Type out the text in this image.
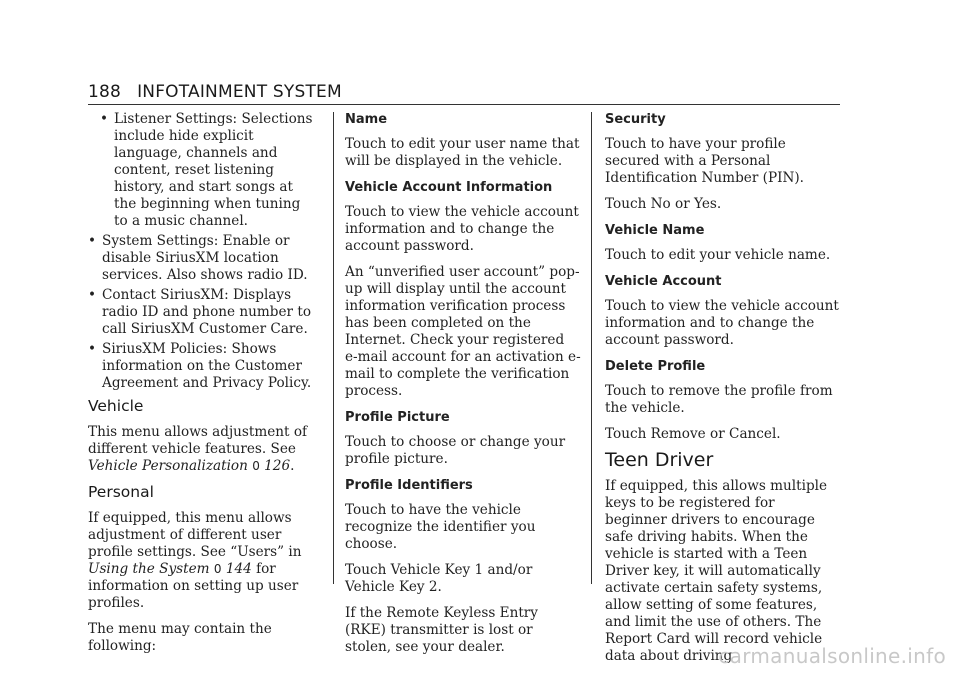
188 INFOTAINMENT SYSTEM
• Listener Settings: Selections include hide explicit language, channels and content, reset listening history, and start songs at the beginning when tuning to a music channel.
• System Settings: Enable or disable SiriusXM location services. Also shows radio ID.
• Contact SiriusXM: Displays radio ID and phone number to call SiriusXM Customer Care.
• SiriusXM Policies: Shows information on the Customer Agreement and Privacy Policy.
Vehicle

This menu allows adjustment of different vehicle features. See Vehicle Personalization 0 126.

Personal

If equipped, this menu allows adjustment of different user profile settings. See “Users” in Using the System 0 144 for information on setting up user profiles.

The menu may contain the following:

Name

Touch to edit your user name that will be displayed in the vehicle.

Vehicle Account Information

Touch to view the vehicle account information and to change the account password.

An “unverified user account” pop-up will display until the account information verification process has been completed on the Internet. Check your registered e-mail account for an activation e-mail to complete the verification process.

Profile Picture

Touch to choose or change your profile picture.

Profile Identifiers

Touch to have the vehicle recognize the identifier you choose.

Touch Vehicle Key 1 and/or
Vehicle Key 2.

If the Remote Keyless Entry (RKE) transmitter is lost or stolen, see your dealer.

Security

Touch to have your profile secured with a Personal Identification Number (PIN).

Touch No or Yes.

Vehicle Name

Touch to edit your vehicle name.

Vehicle Account

Touch to view the vehicle account information and to change the account password.

Delete Profile

Touch to remove the profile from the vehicle.

Touch Remove or Cancel.

Teen Driver

If equipped, this allows multiple keys to be registered for beginner drivers to encourage safe driving habits. When the vehicle is started with a Teen Driver key, it will automatically activate certain safety systems, allow setting of some features, and limit the use of others. The Report Card will record vehicle data about driving

carmanualsonline.info
